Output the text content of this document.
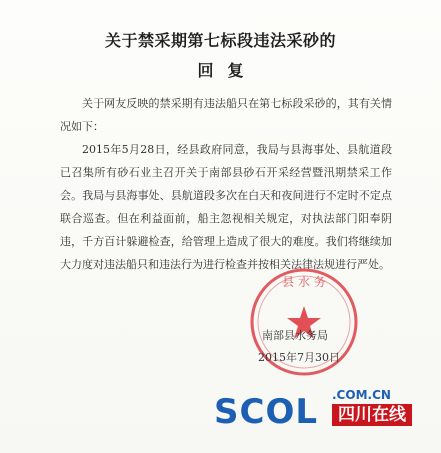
关于禁采期第七标段违法采砂的
回复

关于网友反映的禁采期有违法船只在第七标段采砂的，其有关情况如下：

2015年5月28日，经县政府同意，我局与县海事处、县航道段已召集所有砂石业主召开关于南部县砂石开采经营暨汛期禁采工作会。我局与县海事处、县航道段多次在白天和夜间进行不定时不定点联合巡查。但在利益面前，船主忽视相关规定，对执法部门阳奉阴违，千方百计躲避检查，给管理上造成了很大的难度。我们将继续加大力度对违法船只和违法行为进行检查并按相关法律法规进行严处。

县 水 务
南部县水务局
2015年7月30日
SCOL .COM.CN
四川在线
